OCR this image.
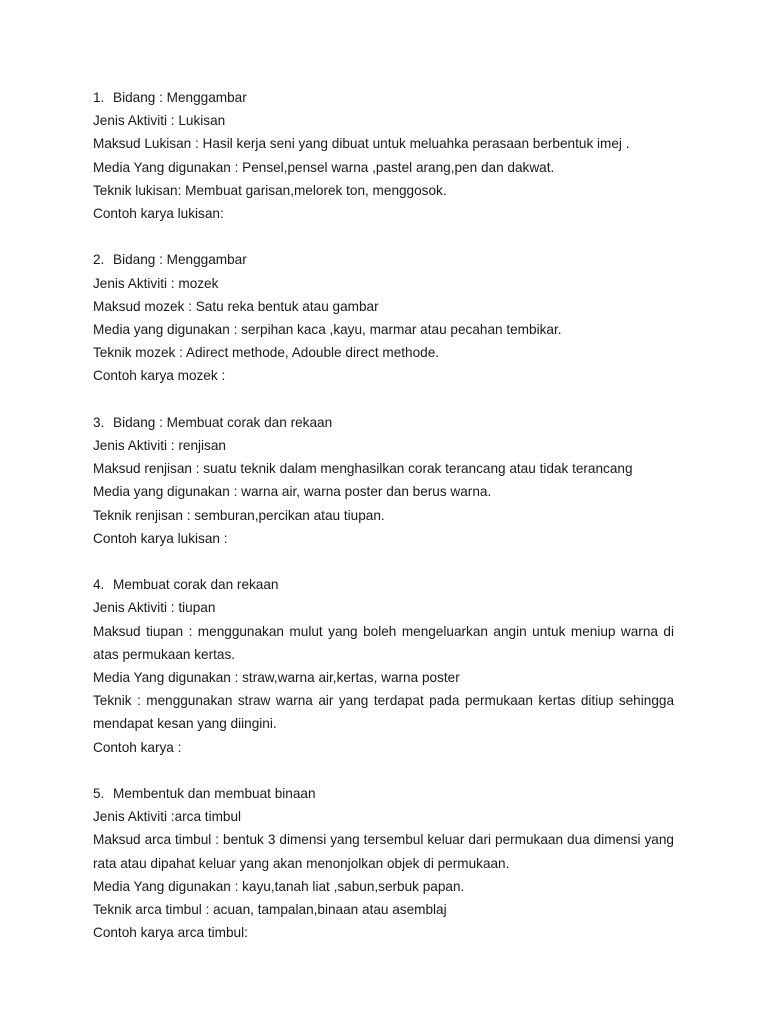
1. Bidang : Menggambar
Jenis Aktiviti : Lukisan
Maksud Lukisan : Hasil kerja seni yang dibuat untuk meluahka perasaan berbentuk imej .
Media Yang digunakan : Pensel,pensel warna ,pastel arang,pen dan dakwat.
Teknik lukisan: Membuat garisan,melorek ton, menggosok.
Contoh karya lukisan:
2. Bidang : Menggambar
Jenis Aktiviti : mozek
Maksud mozek : Satu reka bentuk atau gambar
Media yang digunakan : serpihan kaca ,kayu, marmar atau pecahan tembikar.
Teknik mozek : Adirect methode, Adouble direct methode.
Contoh karya mozek :
3. Bidang : Membuat corak dan rekaan
Jenis Aktiviti : renjisan
Maksud renjisan : suatu teknik dalam menghasilkan corak terancang atau tidak terancang
Media yang digunakan : warna air, warna poster dan berus warna.
Teknik renjisan : semburan,percikan atau tiupan.
Contoh karya lukisan :
4. Membuat corak dan rekaan
Jenis Aktiviti : tiupan
Maksud tiupan : menggunakan mulut yang boleh mengeluarkan angin untuk meniup warna di atas permukaan kertas.
Media Yang digunakan : straw,warna air,kertas, warna poster
Teknik : menggunakan straw warna air yang terdapat pada permukaan kertas ditiup sehingga mendapat kesan yang diingini.
Contoh karya :
5. Membentuk dan membuat binaan
Jenis Aktiviti :arca timbul
Maksud arca timbul : bentuk 3 dimensi yang tersembul keluar dari permukaan dua dimensi yang rata atau dipahat keluar yang akan menonjolkan objek di permukaan.
Media Yang digunakan : kayu,tanah liat ,sabun,serbuk papan.
Teknik arca timbul : acuan, tampalan,binaan atau asemblaj
Contoh karya arca timbul:
